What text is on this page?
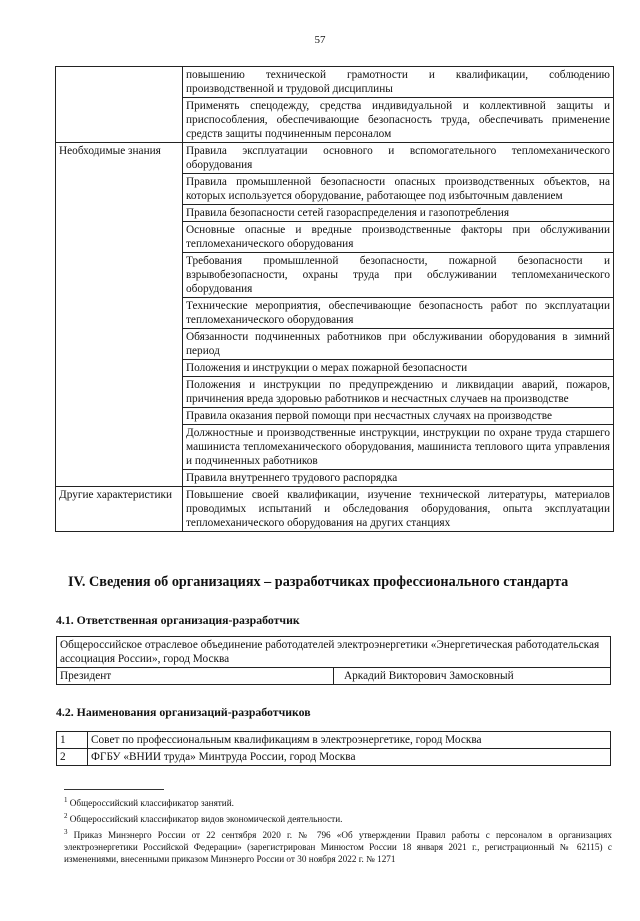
57
	повышению технической грамотности и квалификации, соблюдению производственной и трудовой дисциплины
	Применять спецодежду, средства индивидуальной и коллективной защиты и приспособления, обеспечивающие безопасность труда, обеспечивать применение средств защиты подчиненным персоналом
Необходимые знания	Правила эксплуатации основного и вспомогательного тепломеханического оборудования
	Правила промышленной безопасности опасных производственных объектов, на которых используется оборудование, работающее под избыточным давлением
	Правила безопасности сетей газораспределения и газопотребления
	Основные опасные и вредные производственные факторы при обслуживании тепломеханического оборудования
	Требования промышленной безопасности, пожарной безопасности и взрывобезопасности, охраны труда при обслуживании тепломеханического оборудования
	Технические мероприятия, обеспечивающие безопасность работ по эксплуатации тепломеханического оборудования
	Обязанности подчиненных работников при обслуживании оборудования в зимний период
	Положения и инструкции о мерах пожарной безопасности
	Положения и инструкции по предупреждению и ликвидации аварий, пожаров, причинения вреда здоровью работников и несчастных случаев на производстве
	Правила оказания первой помощи при несчастных случаях на производстве
	Должностные и производственные инструкции, инструкции по охране труда старшего машиниста тепломеханического оборудования, машиниста теплового щита управления и подчиненных работников
	Правила внутреннего трудового распорядка
Другие характеристики	Повышение своей квалификации, изучение технической литературы, материалов проводимых испытаний и обследования оборудования, опыта эксплуатации тепломеханического оборудования на других станциях
IV. Сведения об организациях – разработчиках профессионального стандарта
4.1. Ответственная организация-разработчик
Общероссийское отраслевое объединение работодателей электроэнергетики «Энергетическая работодательская ассоциация России», город Москва
Президент	Аркадий Викторович Замосковный
4.2. Наименования организаций-разработчиков
1	Совет по профессиональным квалификациям в электроэнергетике, город Москва
2	ФГБУ «ВНИИ труда» Минтруда России, город Москва

$^1$ Общероссийский классификатор занятий.

$^2$ Общероссийский классификатор видов экономической деятельности.

$^3$ Приказ Минэнерго России от 22 сентября 2020 г. № 796 «Об утверждении Правил работы с персоналом в организациях электроэнергетики Российской Федерации» (зарегистрирован Минюстом России 18 января 2021 г., регистрационный № 62115) с изменениями, внесенными приказом Минэнерго России от 30 ноября 2022 г. № 1271
